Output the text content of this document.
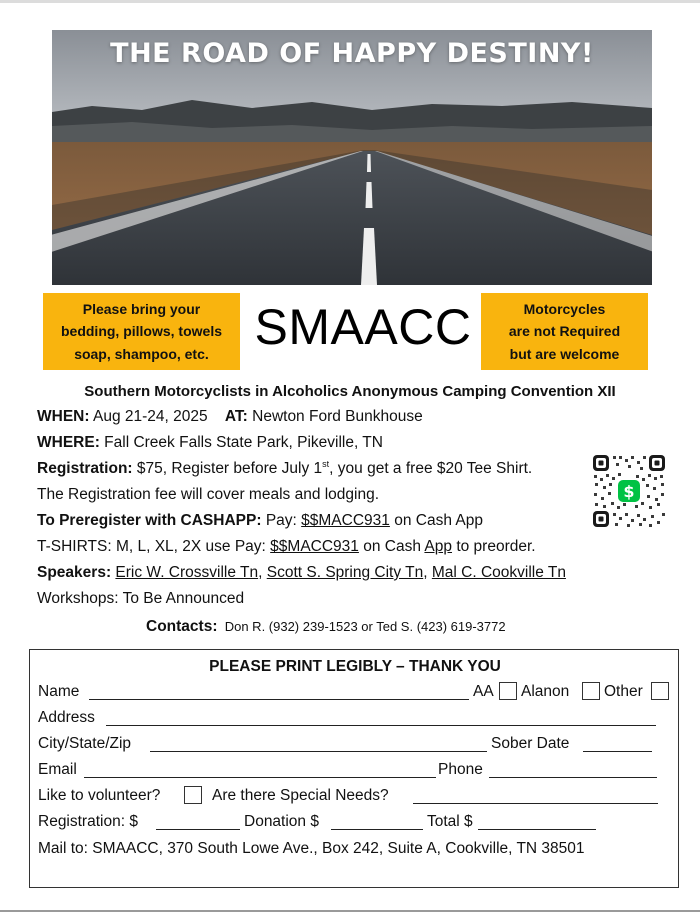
THE ROAD OF HAPPY DESTINY!
Please bring your
bedding, pillows, towels
soap, shampoo, etc. SMAACC	Motorcycles
are not Required
but are welcome
Southern Motorcyclists in Alcoholics Anonymous Camping Convention XII
WHEN: Aug 21-24, 2025 AT: Newton Ford Bunkhouse
WHERE: Fall Creek Falls State Park, Pikeville, TN
Registration: $75, Register before July 1st, you get a free $20 Tee Shirt.
The Registration fee will cover meals and lodging.
To Preregister with CASHAPP: Pay: $$MACC931 on Cash App
T-SHIRTS: M, L, XL, 2X use Pay: $$MACC931 on Cash App to preorder.
Speakers: Eric W. Crossville Tn, Scott S. Spring City Tn, Mal C. Cookville Tn
Workshops: To Be Announced
Contacts: Don R. (932) 239-1523 or Ted S. (423) 619-3772
$
PLEASE PRINT LEGIBLY – THANK YOU
Name	AA Alanon Other
Address
City/State/Zip	Sober Date
Email	Phone
Like to volunteer?	Are there Special Needs?
Registration: $	Donation $	Total $
Mail to: SMAACC, 370 South Lowe Ave., Box 242, Suite A, Cookville, TN 38501
